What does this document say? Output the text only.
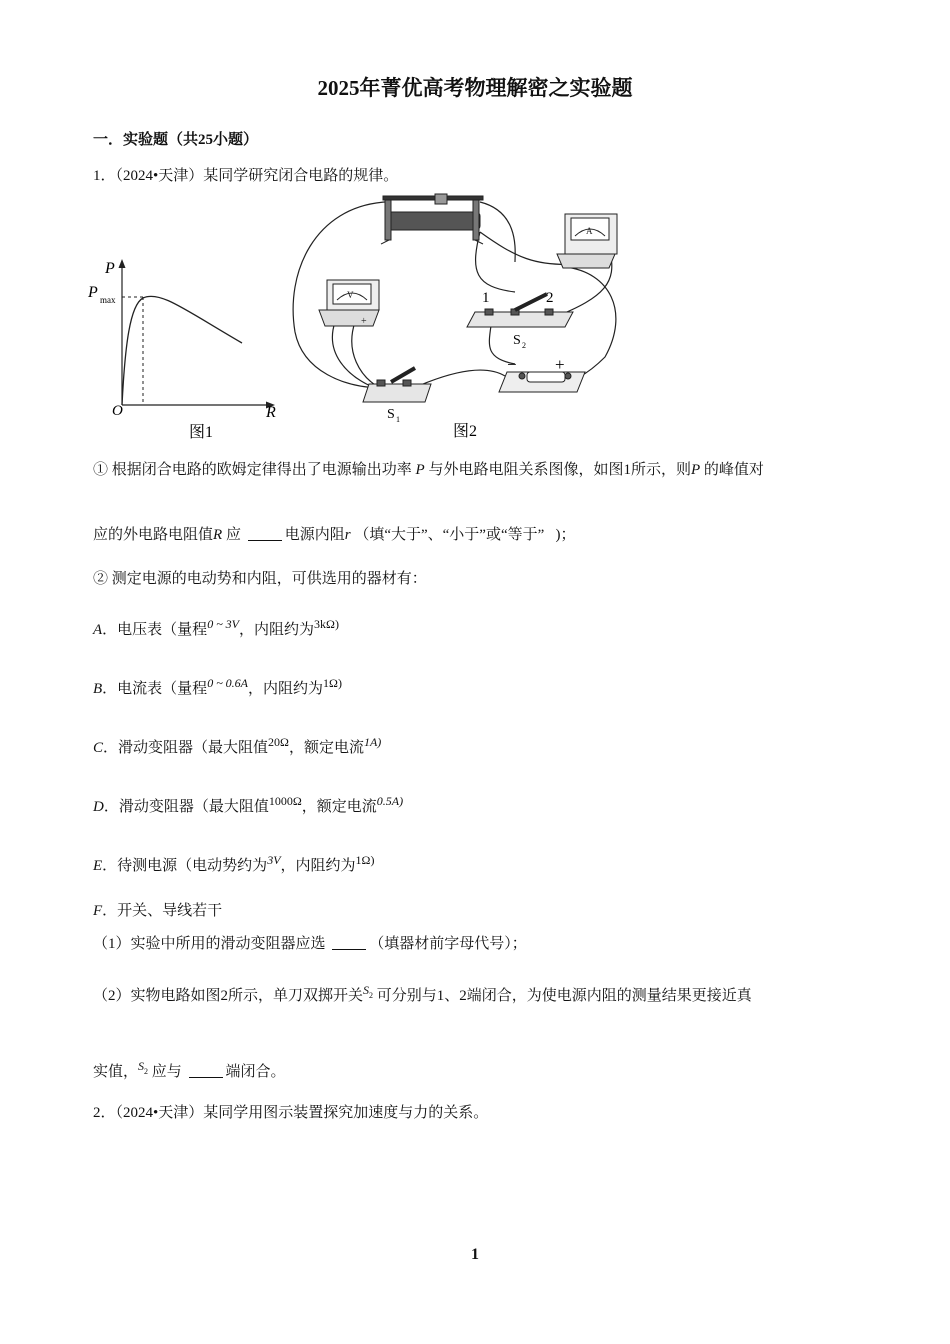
2025年菁优高考物理解密之实验题
一．实验题（共25小题）
1．（2024•天津）某同学研究闭合电路的规律。
P
P max
O	R
图1
V
+
A
1	2
S 2
− +
S 1
图2
① 根据闭合电路的欧姆定律得出了电源输出功率 P 与外电路电阻关系图像，如图1所示，则P 的峰值对
应的外电路电阻值R 应	电源内阻r （填“大于”、“小于”或“等于” )；
② 测定电源的电动势和内阻，可供选用的器材有：
A．电压表（量程$^{0 \sim 3V}$，内阻约为$^{3k\Omega)}$
B．电流表（量程$^{0 \sim 0.6A}$，内阻约为$^{1\Omega)}$
C．滑动变阻器（最大阻值$^{20\Omega}$，额定电流$^{1A)}$
D．滑动变阻器（最大阻值$^{1000\Omega}$，额定电流$^{0.5A)}$
E．待测电源（电动势约为$^{3V}$，内阻约为$^{1\Omega)}$
F．开关、导线若干
（1）实验中所用的滑动变阻器应选	（填器材前字母代号）；
（2）实物电路如图2所示，单刀双掷开关$^S$2 可分别与1、2端闭合，为使电源内阻的测量结果更接近真
实值，$^S$2 应与	端闭合。
2．（2024•天津）某同学用图示装置探究加速度与力的关系。
1
